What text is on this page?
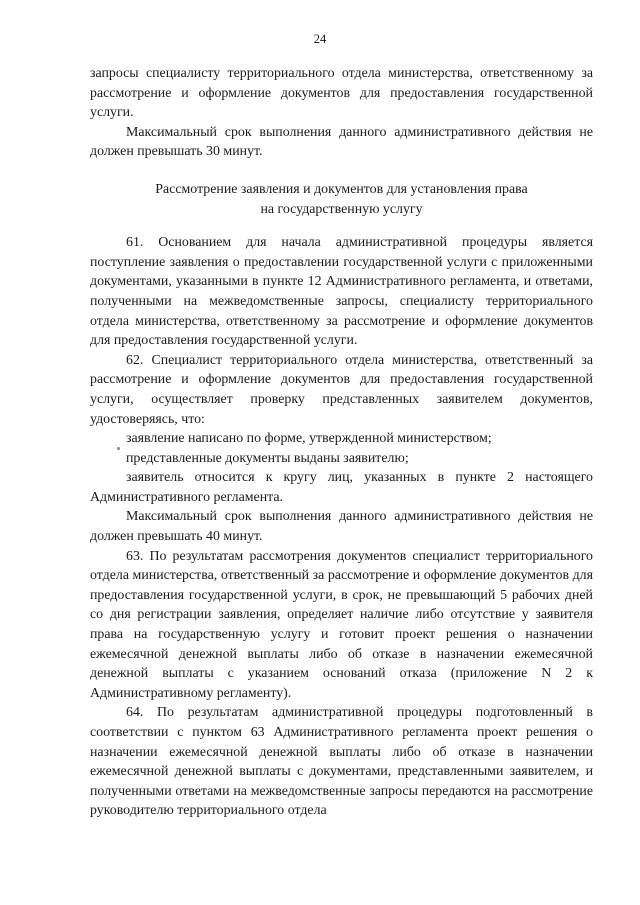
24

запросы специалисту территориального отдела министерства, ответственному за рассмотрение и оформление документов для предоставления государственной услуги.

Максимальный срок выполнения данного административного действия не должен превышать 30 минут.

Рассмотрение заявления и документов для установления права
на государственную услугу

61. Основанием для начала административной процедуры является поступление заявления о предоставлении государственной услуги с приложенными документами, указанными в пункте 12 Административного регламента, и ответами, полученными на межведомственные запросы, специалисту территориального отдела министерства, ответственному за рассмотрение и оформление документов для предоставления государственной услуги.

62. Специалист территориального отдела министерства, ответственный за рассмотрение и оформление документов для предоставления государственной услуги, осуществляет проверку представленных заявителем документов, удостоверяясь, что:

заявление написано по форме, утвержденной министерством;

представленные документы выданы заявителю;

заявитель относится к кругу лиц, указанных в пункте 2 настоящего Административного регламента.

Максимальный срок выполнения данного административного действия не должен превышать 40 минут.

63. По результатам рассмотрения документов специалист территориального отдела министерства, ответственный за рассмотрение и оформление документов для предоставления государственной услуги, в срок, не превышающий 5 рабочих дней со дня регистрации заявления, определяет наличие либо отсутствие у заявителя права на государственную услугу и готовит проект решения о назначении ежемесячной денежной выплаты либо об отказе в назначении ежемесячной денежной выплаты с указанием оснований отказа (приложение N 2 к Административному регламенту).

64. По результатам административной процедуры подготовленный в соответствии с пунктом 63 Административного регламента проект решения о назначении ежемесячной денежной выплаты либо об отказе в назначении ежемесячной денежной выплаты с документами, представленными заявителем, и полученными ответами на межведомственные запросы передаются на рассмотрение руководителю территориального отдела
